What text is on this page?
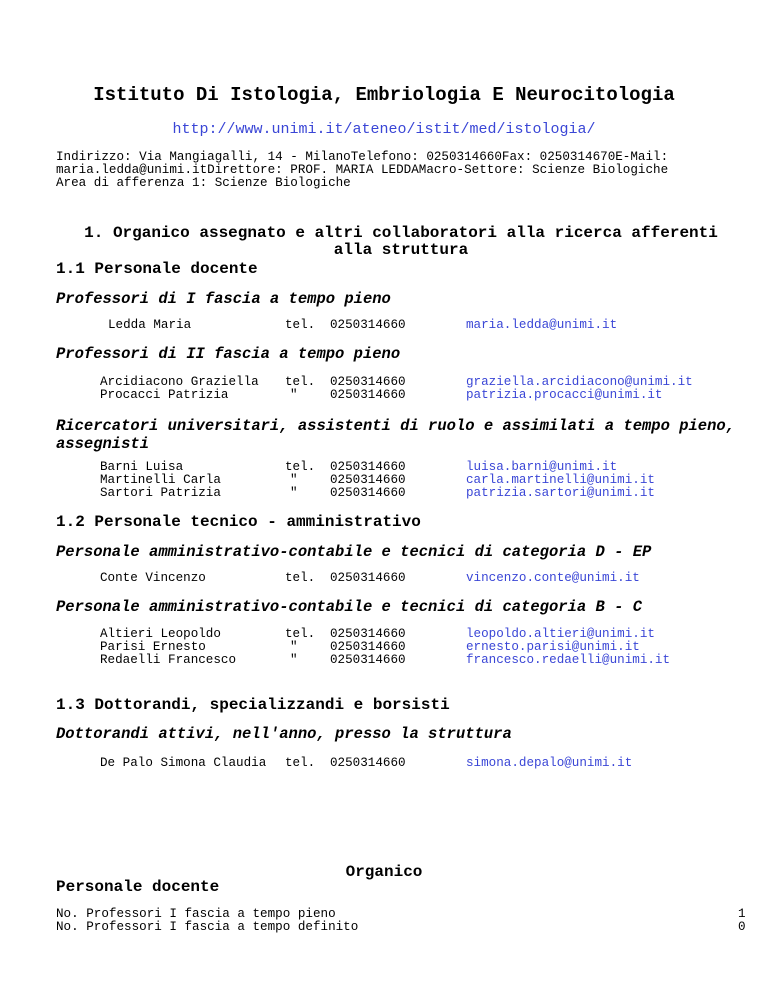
Istituto Di Istologia, Embriologia E Neurocitologia
http://www.unimi.it/ateneo/istit/med/istologia/
Indirizzo: Via Mangiagalli, 14 - MilanoTelefono: 0250314660Fax: 0250314670E-Mail:
maria.ledda@unimi.itDirettore: PROF. MARIA LEDDAMacro-Settore: Scienze Biologiche
Area di afferenza 1: Scienze Biologiche
1. Organico assegnato e altri collaboratori alla ricerca afferenti
alla struttura
1.1 Personale docente
Professori di I fascia a tempo pieno
Ledda Maria	tel. 0250314660	maria.ledda@unimi.it
Professori di II fascia a tempo pieno
Arcidiacono Graziella tel. 0250314660	graziella.arcidiacono@unimi.it
Procacci Patrizia	"	0250314660	patrizia.procacci@unimi.it
Ricercatori universitari, assistenti di ruolo e assimilati a tempo pieno,
assegnisti
Barni Luisa	tel. 0250314660	luisa.barni@unimi.it
Martinelli Carla	"	0250314660	carla.martinelli@unimi.it
Sartori Patrizia	"	0250314660	patrizia.sartori@unimi.it
1.2 Personale tecnico - amministrativo
Personale amministrativo-contabile e tecnici di categoria D - EP
Conte Vincenzo	tel. 0250314660	vincenzo.conte@unimi.it
Personale amministrativo-contabile e tecnici di categoria B - C
Altieri Leopoldo	tel. 0250314660	leopoldo.altieri@unimi.it
Parisi Ernesto	"	0250314660	ernesto.parisi@unimi.it
Redaelli Francesco	"	0250314660	francesco.redaelli@unimi.it
1.3 Dottorandi, specializzandi e borsisti
Dottorandi attivi, nell'anno, presso la struttura
De Palo Simona Claudia tel. 0250314660	simona.depalo@unimi.it
Organico
Personale docente
No. Professori I fascia a tempo pieno	1
No. Professori I fascia a tempo definito	0
